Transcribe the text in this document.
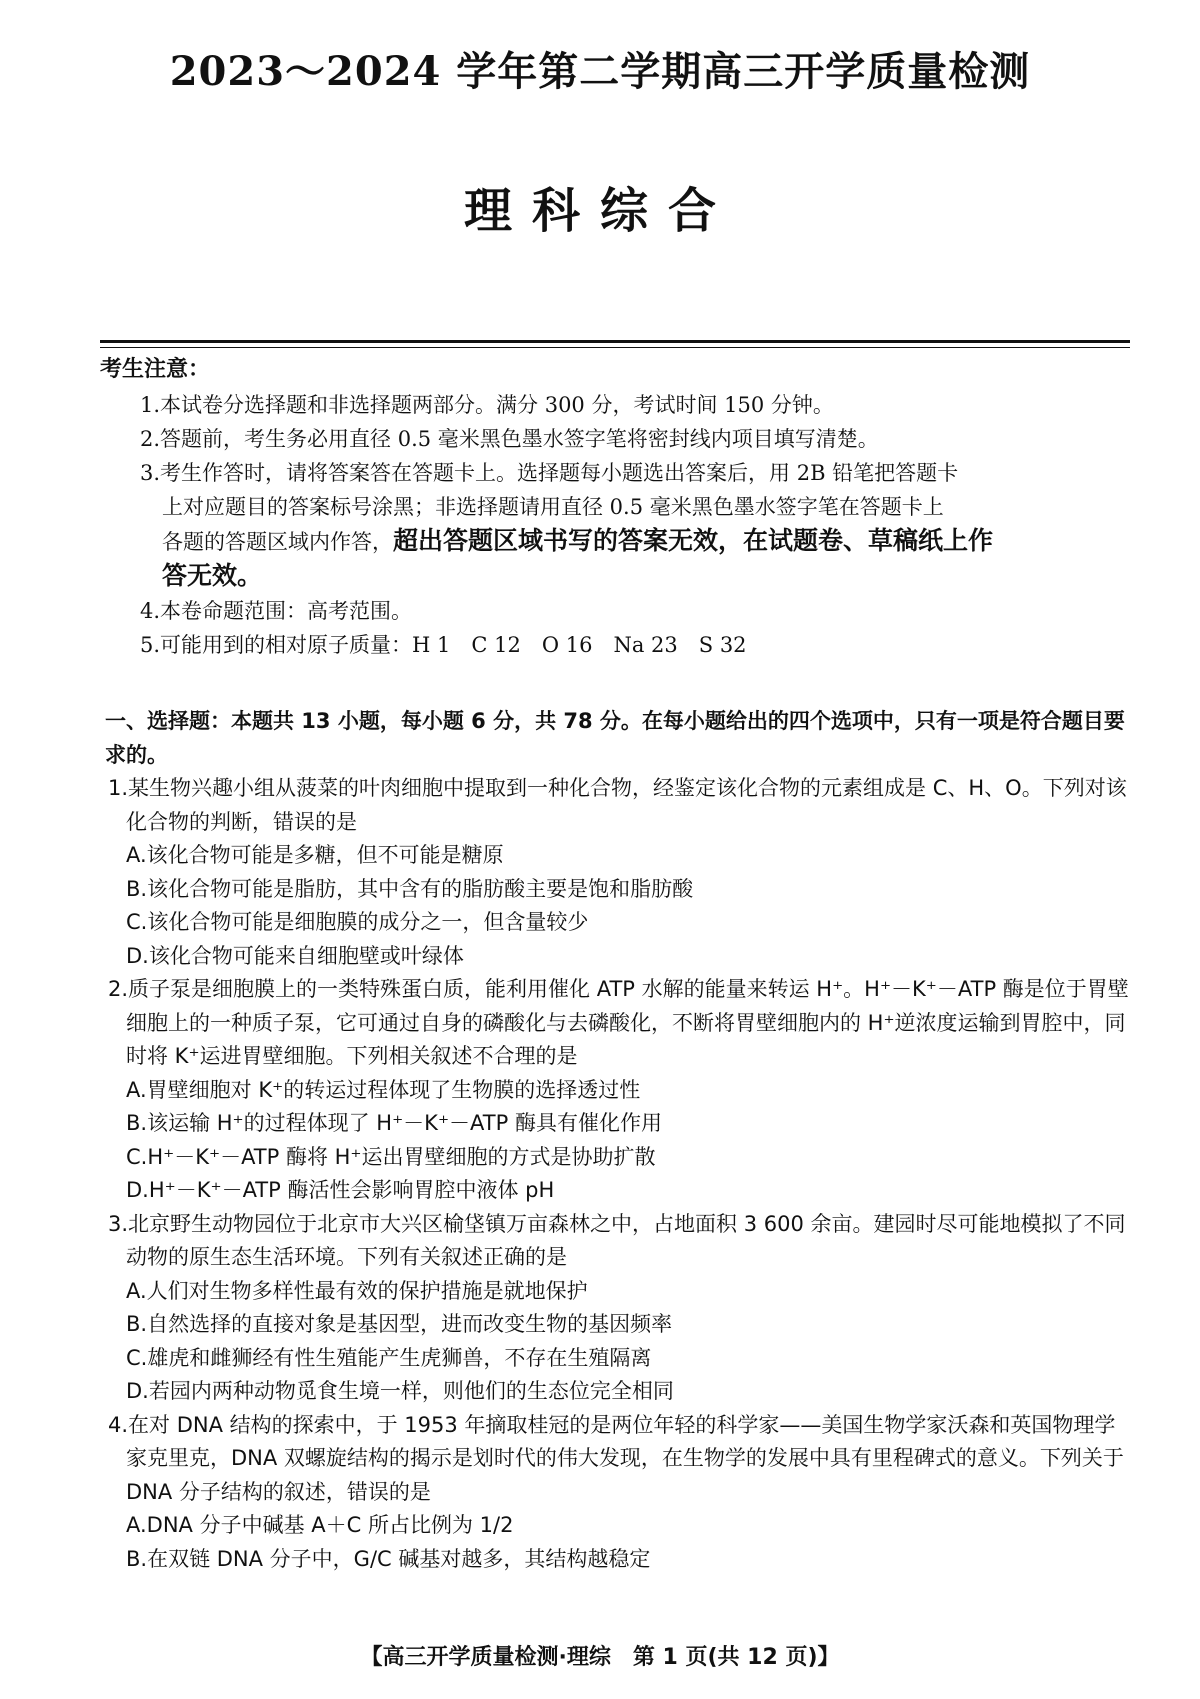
2023～2024 学年第二学期高三开学质量检测
理科综合
考生注意：
1.本试卷分选择题和非选择题两部分。满分 300 分，考试时间 150 分钟。
2.答题前，考生务必用直径 0.5 毫米黑色墨水签字笔将密封线内项目填写清楚。
3.考生作答时，请将答案答在答题卡上。选择题每小题选出答案后，用 2B 铅笔把答题卡
上对应题目的答案标号涂黑；非选择题请用直径 0.5 毫米黑色墨水签字笔在答题卡上
各题的答题区域内作答，超出答题区域书写的答案无效，在试题卷、草稿纸上作
答无效。
4.本卷命题范围：高考范围。
5.可能用到的相对原子质量：H 1　C 12　O 16　Na 23　S 32
一、选择题：本题共 13 小题，每小题 6 分，共 78 分。在每小题给出的四个选项中，只有一项是符合题目要求的。
1.某生物兴趣小组从菠菜的叶肉细胞中提取到一种化合物，经鉴定该化合物的元素组成是 C、H、O。下列对该化合物的判断，错误的是
A.该化合物可能是多糖，但不可能是糖原
B.该化合物可能是脂肪，其中含有的脂肪酸主要是饱和脂肪酸
C.该化合物可能是细胞膜的成分之一，但含量较少
D.该化合物可能来自细胞壁或叶绿体
2.质子泵是细胞膜上的一类特殊蛋白质，能利用催化 ATP 水解的能量来转运 H⁺。H⁺－K⁺－ATP 酶是位于胃壁细胞上的一种质子泵，它可通过自身的磷酸化与去磷酸化，不断将胃壁细胞内的 H⁺逆浓度运输到胃腔中，同时将 K⁺运进胃壁细胞。下列相关叙述不合理的是
A.胃壁细胞对 K⁺的转运过程体现了生物膜的选择透过性
B.该运输 H⁺的过程体现了 H⁺－K⁺－ATP 酶具有催化作用
C.H⁺－K⁺－ATP 酶将 H⁺运出胃壁细胞的方式是协助扩散
D.H⁺－K⁺－ATP 酶活性会影响胃腔中液体 pH
3.北京野生动物园位于北京市大兴区榆垡镇万亩森林之中，占地面积 3 600 余亩。建园时尽可能地模拟了不同动物的原生态生活环境。下列有关叙述正确的是
A.人们对生物多样性最有效的保护措施是就地保护
B.自然选择的直接对象是基因型，进而改变生物的基因频率
C.雄虎和雌狮经有性生殖能产生虎狮兽，不存在生殖隔离
D.若园内两种动物觅食生境一样，则他们的生态位完全相同
4.在对 DNA 结构的探索中，于 1953 年摘取桂冠的是两位年轻的科学家——美国生物学家沃森和英国物理学家克里克，DNA 双螺旋结构的揭示是划时代的伟大发现，在生物学的发展中具有里程碑式的意义。下列关于 DNA 分子结构的叙述，错误的是
A.DNA 分子中碱基 A＋C 所占比例为 1/2
B.在双链 DNA 分子中，G/C 碱基对越多，其结构越稳定
【高三开学质量检测·理综　第 1 页(共 12 页)】
